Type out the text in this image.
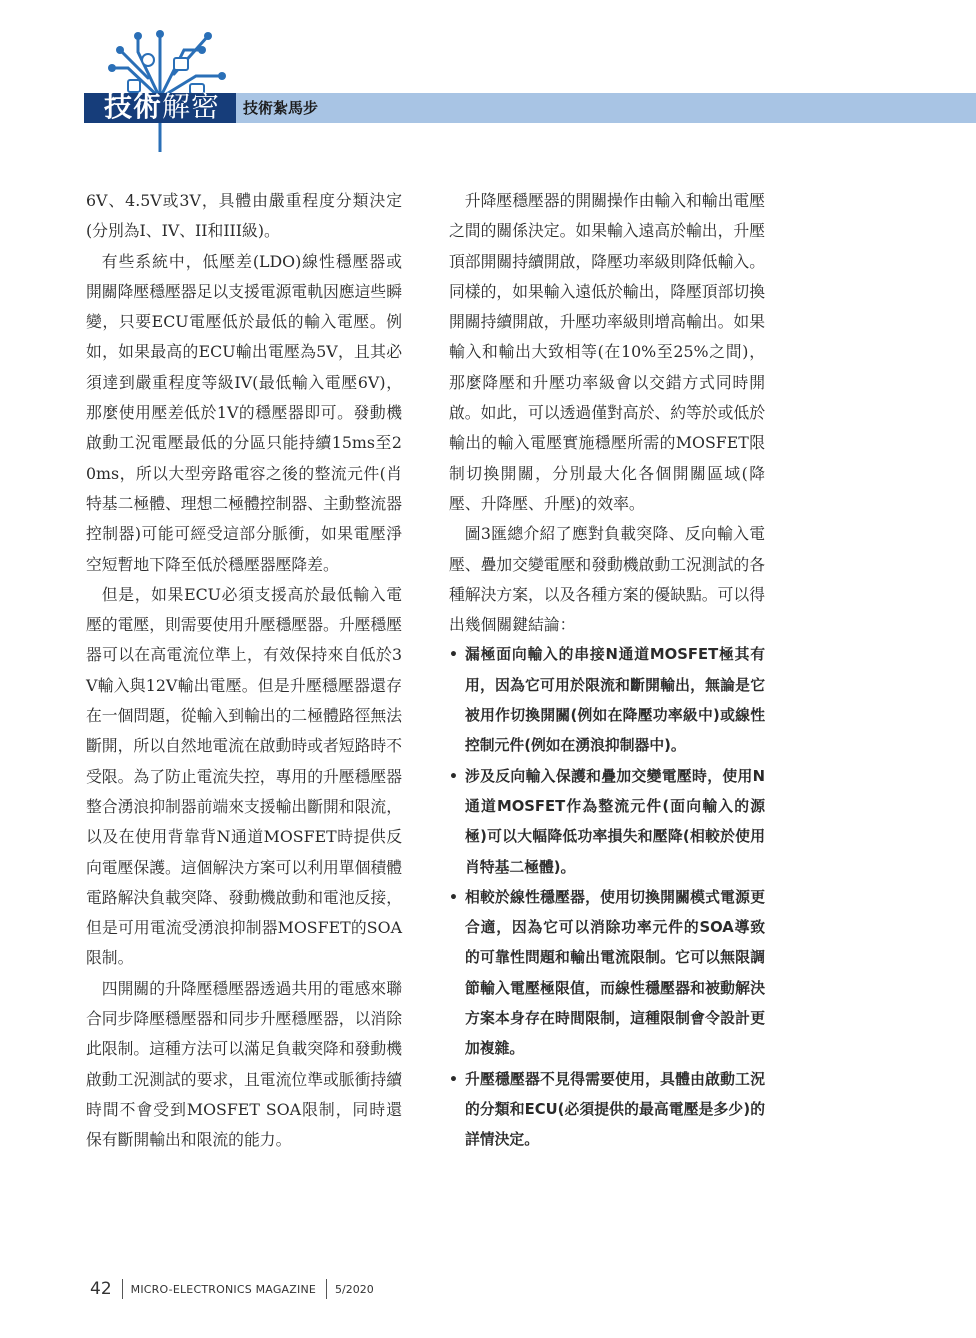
技術解密 技術紮馬步

6V、4.5V或3V，具體由嚴重程度分類決定(分別為I、IV、II和III級)。

有些系統中，低壓差(LDO)線性穩壓器或開關降壓穩壓器足以支援電源電軌因應這些瞬變，只要ECU電壓低於最低的輸入電壓。例如，如果最高的ECU輸出電壓為5V，且其必須達到嚴重程度等級IV(最低輸入電壓6V)，那麼使用壓差低於1V的穩壓器即可。發動機啟動工況電壓最低的分區只能持續15ms至20ms，所以大型旁路電容之後的整流元件(肖特基二極體、理想二極體控制器、主動整流器控制器)可能可經受這部分脈衝，如果電壓淨空短暫地下降至低於穩壓器壓降差。

但是，如果ECU必須支援高於最低輸入電壓的電壓，則需要使用升壓穩壓器。升壓穩壓器可以在高電流位準上，有效保持來自低於3V輸入與12V輸出電壓。但是升壓穩壓器還存在一個問題，從輸入到輸出的二極體路徑無法斷開，所以自然地電流在啟動時或者短路時不受限。為了防止電流失控，專用的升壓穩壓器整合湧浪抑制器前端來支援輸出斷開和限流，以及在使用背靠背N通道MOSFET時提供反向電壓保護。這個解決方案可以利用單個積體電路解決負載突降、發動機啟動和電池反接，但是可用電流受湧浪抑制器MOSFET的SOA限制。

四開關的升降壓穩壓器透過共用的電感來聯合同步降壓穩壓器和同步升壓穩壓器，以消除此限制。這種方法可以滿足負載突降和發動機啟動工況測試的要求，且電流位準或脈衝持續時間不會受到MOSFET SOA限制，同時還保有斷開輸出和限流的能力。

升降壓穩壓器的開關操作由輸入和輸出電壓之間的關係決定。如果輸入遠高於輸出，升壓頂部開關持續開啟，降壓功率級則降低輸入。同樣的，如果輸入遠低於輸出，降壓頂部切換開關持續開啟，升壓功率級則增高輸出。如果輸入和輸出大致相等(在10%至25%之間)，那麼降壓和升壓功率級會以交錯方式同時開啟。如此，可以透過僅對高於、約等於或低於輸出的輸入電壓實施穩壓所需的MOSFET限制切換開關，分別最大化各個開關區域(降壓、升降壓、升壓)的效率。

圖3匯總介紹了應對負載突降、反向輸入電壓、疊加交變電壓和發動機啟動工況測試的各種解決方案，以及各種方案的優缺點。可以得出幾個關鍵結論：

• 漏極面向輸入的串接N通道MOSFET極其有用，因為它可用於限流和斷開輸出，無論是它被用作切換開關(例如在降壓功率級中)或線性控制元件(例如在湧浪抑制器中)。
• 涉及反向輸入保護和疊加交變電壓時，使用N通道MOSFET作為整流元件(面向輸入的源極)可以大幅降低功率損失和壓降(相較於使用肖特基二極體)。
• 相較於線性穩壓器，使用切換開關模式電源更合適，因為它可以消除功率元件的SOA導致的可靠性問題和輸出電流限制。它可以無限調節輸入電壓極限值，而線性穩壓器和被動解決方案本身存在時間限制，這種限制會令設計更加複雜。
• 升壓穩壓器不見得需要使用，具體由啟動工況的分類和ECU(必須提供的最高電壓是多少)的詳情決定。
42 MICRO-ELECTRONICS MAGAZINE 5/2020
